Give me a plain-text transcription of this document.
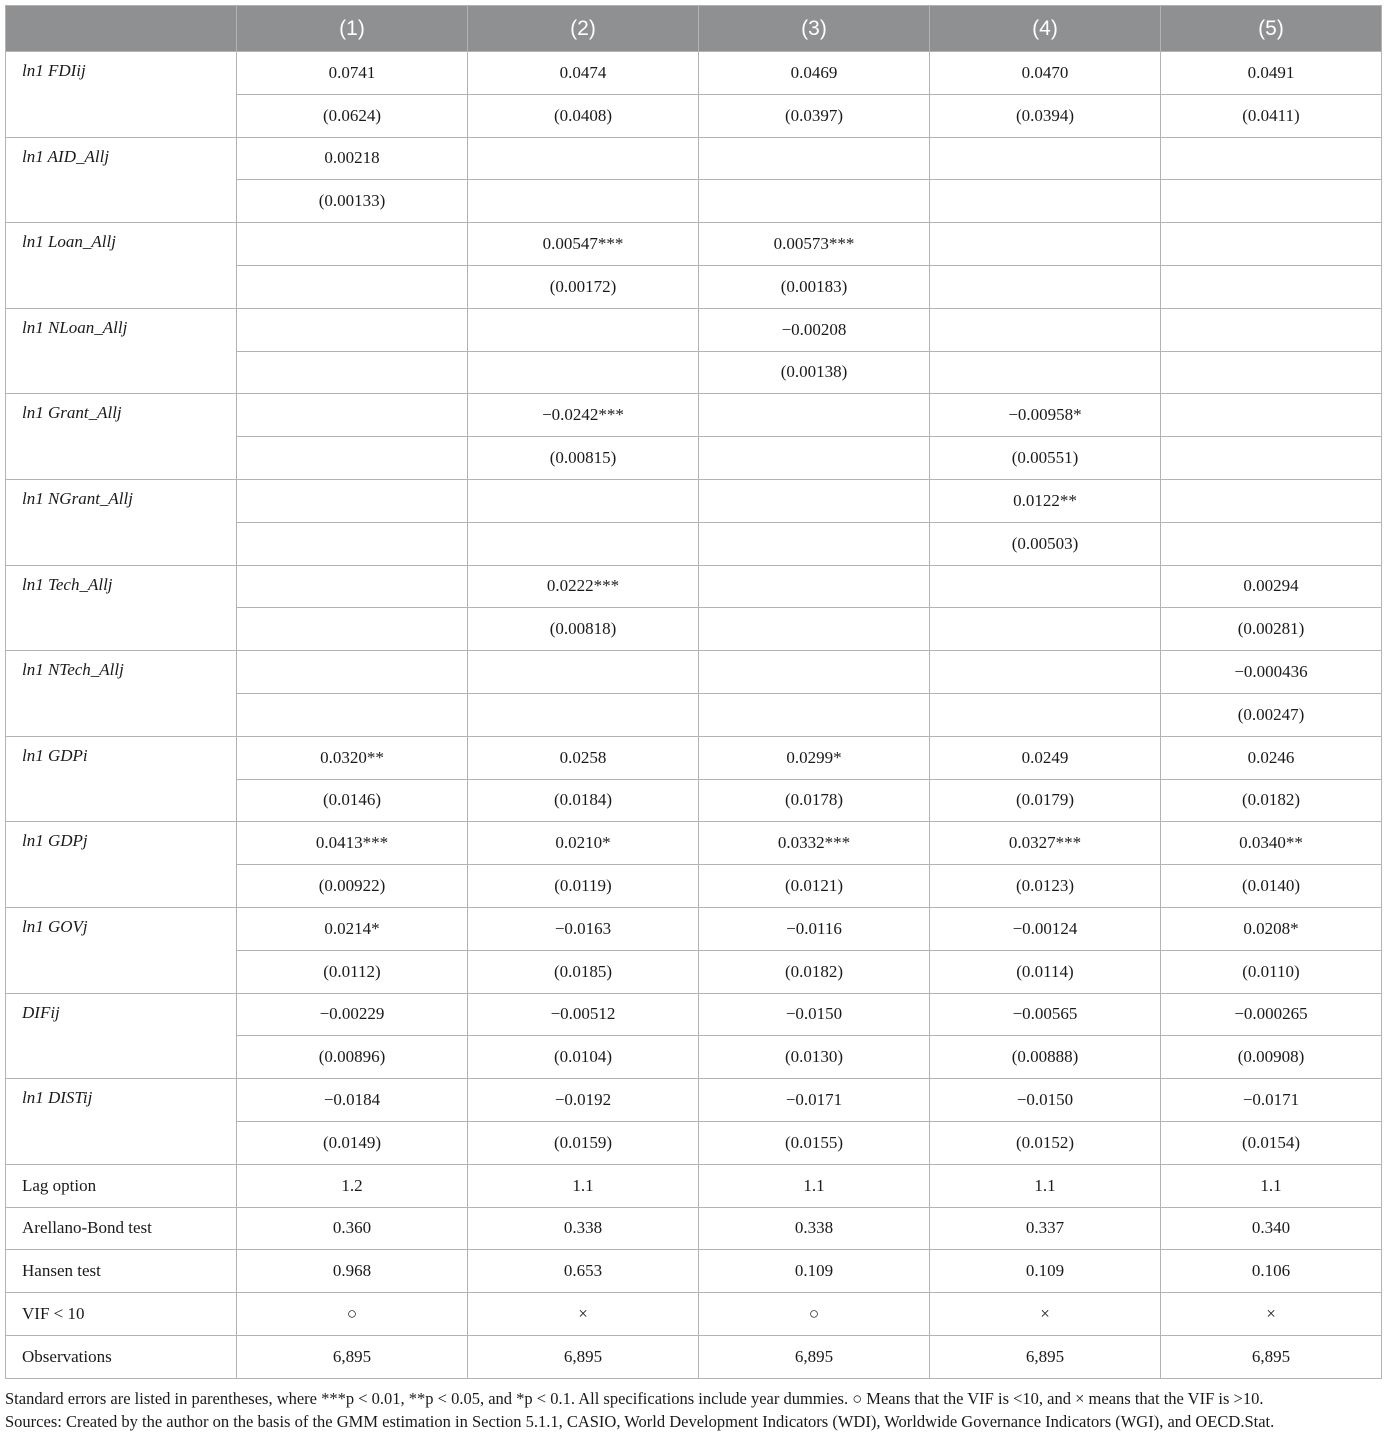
	(1)	(2)	(3)	(4)	(5)
ln1 FDIij	0.0741	0.0474	0.0469	0.0470	0.0491
	(0.0624)	(0.0408)	(0.0397)	(0.0394)	(0.0411)
ln1 AID_Allj	0.00218				
	(0.00133)				
ln1 Loan_Allj		0.00547***	0.00573***		
		(0.00172)	(0.00183)		
ln1 NLoan_Allj			−0.00208		
			(0.00138)		
ln1 Grant_Allj		−0.0242***		−0.00958*	
		(0.00815)		(0.00551)	
ln1 NGrant_Allj				0.0122**	
				(0.00503)	
ln1 Tech_Allj		0.0222***			0.00294
		(0.00818)			(0.00281)
ln1 NTech_Allj					−0.000436
					(0.00247)
ln1 GDPi	0.0320**	0.0258	0.0299*	0.0249	0.0246
	(0.0146)	(0.0184)	(0.0178)	(0.0179)	(0.0182)
ln1 GDPj	0.0413***	0.0210*	0.0332***	0.0327***	0.0340**
	(0.00922)	(0.0119)	(0.0121)	(0.0123)	(0.0140)
ln1 GOVj	0.0214*	−0.0163	−0.0116	−0.00124	0.0208*
	(0.0112)	(0.0185)	(0.0182)	(0.0114)	(0.0110)
DIFij	−0.00229	−0.00512	−0.0150	−0.00565	−0.000265
	(0.00896)	(0.0104)	(0.0130)	(0.00888)	(0.00908)
ln1 DISTij	−0.0184	−0.0192	−0.0171	−0.0150	−0.0171
	(0.0149)	(0.0159)	(0.0155)	(0.0152)	(0.0154)
Lag option	1.2	1.1	1.1	1.1	1.1
Arellano-Bond test	0.360	0.338	0.338	0.337	0.340
Hansen test	0.968	0.653	0.109	0.109	0.106
VIF < 10	○	×	○	×	×
Observations	6,895	6,895	6,895	6,895	6,895

Standard errors are listed in parentheses, where ***p < 0.01, **p < 0.05, and *p < 0.1. All specifications include year dummies. ○ Means that the VIF is <10, and × means that the VIF is >10.

Sources: Created by the author on the basis of the GMM estimation in Section 5.1.1, CASIO, World Development Indicators (WDI), Worldwide Governance Indicators (WGI), and OECD.Stat.
